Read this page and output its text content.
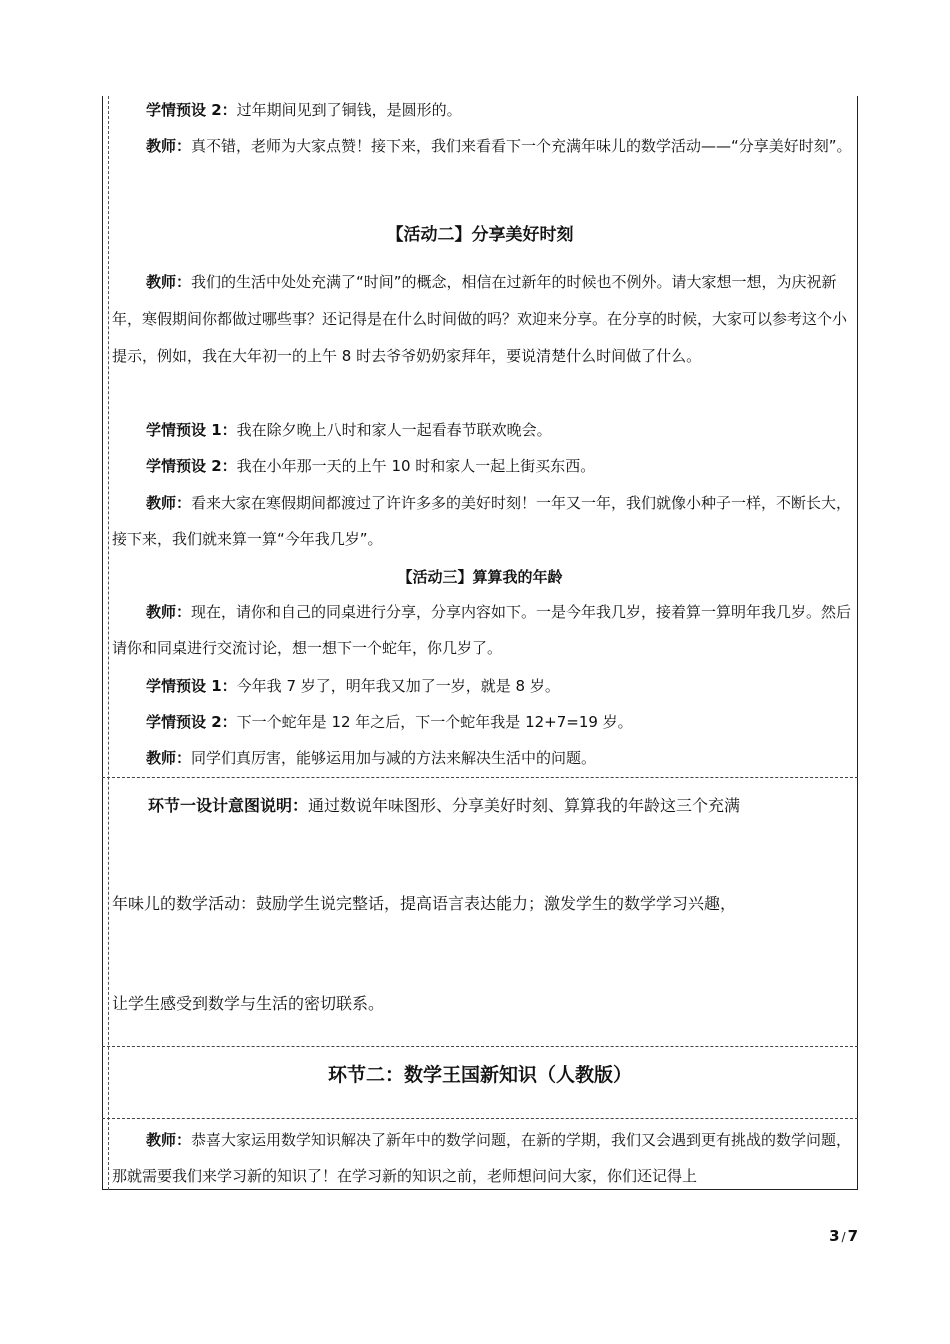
学情预设 2：过年期间见到了铜钱，是圆形的。

教师：真不错，老师为大家点赞！接下来，我们来看看下一个充满年味儿的数学活动——“分享美好时刻”。

【活动二】分享美好时刻

教师：我们的生活中处处充满了“时间”的概念，相信在过新年的时候也不例外。请大家想一想，为庆祝新年，寒假期间你都做过哪些事？还记得是在什么时间做的吗？欢迎来分享。在分享的时候，大家可以参考这个小提示，例如，我在大年初一的上午 8 时去爷爷奶奶家拜年，要说清楚什么时间做了什么。

学情预设 1：我在除夕晚上八时和家人一起看春节联欢晚会。

学情预设 2：我在小年那一天的上午 10 时和家人一起上街买东西。

教师：看来大家在寒假期间都渡过了许许多多的美好时刻！一年又一年，我们就像小种子一样，不断长大，接下来，我们就来算一算“今年我几岁”。

【活动三】算算我的年龄

教师：现在，请你和自己的同桌进行分享，分享内容如下。一是今年我几岁，接着算一算明年我几岁。然后请你和同桌进行交流讨论，想一想下一个蛇年，你几岁了。

学情预设 1：今年我 7 岁了，明年我又加了一岁，就是 8 岁。

学情预设 2：下一个蛇年是 12 年之后，下一个蛇年我是 12+7=19 岁。

教师：同学们真厉害，能够运用加与减的方法来解决生活中的问题。

环节一设计意图说明：通过数说年味图形、分享美好时刻、算算我的年龄这三个充满

年味儿的数学活动：鼓励学生说完整话，提高语言表达能力；激发学生的数学学习兴趣，

让学生感受到数学与生活的密切联系。

环节二：数学王国新知识（人教版）

教师：恭喜大家运用数学知识解决了新年中的数学问题，在新的学期，我们又会遇到更有挑战的数学问题，那就需要我们来学习新的知识了！在学习新的知识之前，老师想问问大家，你们还记得上

3 / 7
